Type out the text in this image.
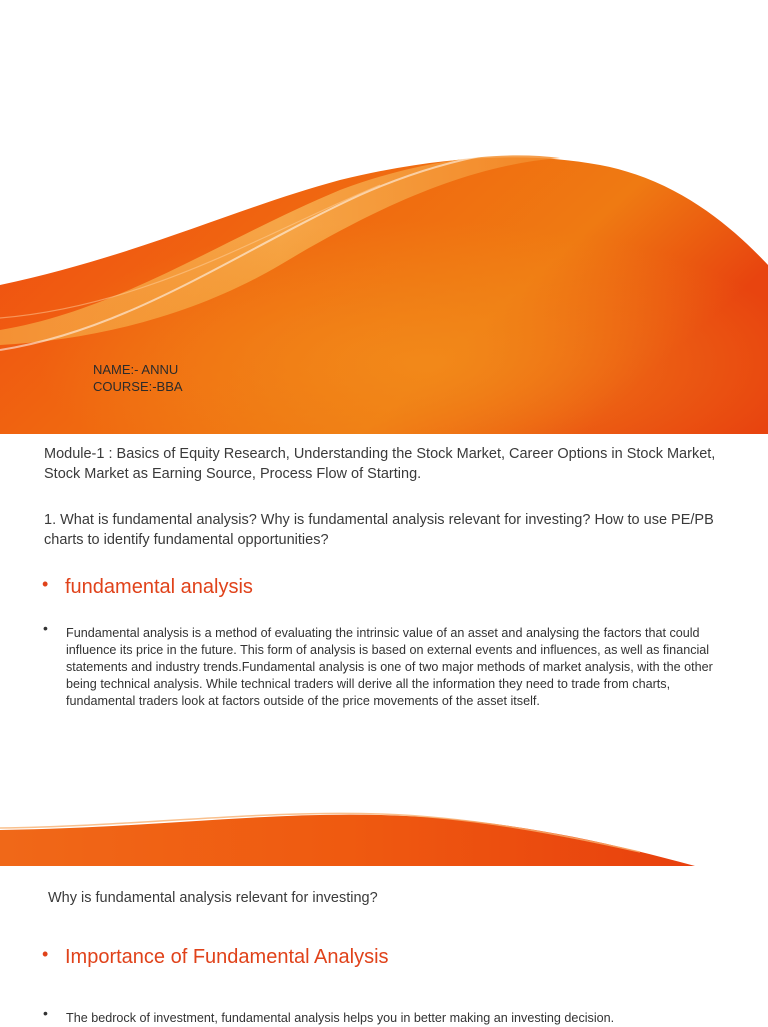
NAME:- ANNU
COURSE:-BBA
Module-1 : Basics of Equity Research, Understanding the Stock Market, Career Options in Stock Market, Stock Market as Earning Source, Process Flow of Starting.
1. What is fundamental analysis? Why is fundamental analysis relevant for investing? How to use PE/PB charts to identify fundamental opportunities?
• fundamental analysis
• Fundamental analysis is a method of evaluating the intrinsic value of an asset and analysing the factors that could influence its price in the future. This form of analysis is based on external events and influences, as well as financial statements and industry trends.Fundamental analysis is one of two major methods of market analysis, with the other being technical analysis. While technical traders will derive all the information they need to trade from charts, fundamental traders look at factors outside of the price movements of the asset itself.
Why is fundamental analysis relevant for investing?
• Importance of Fundamental Analysis
• The bedrock of investment, fundamental analysis helps you in better making an investing decision.
